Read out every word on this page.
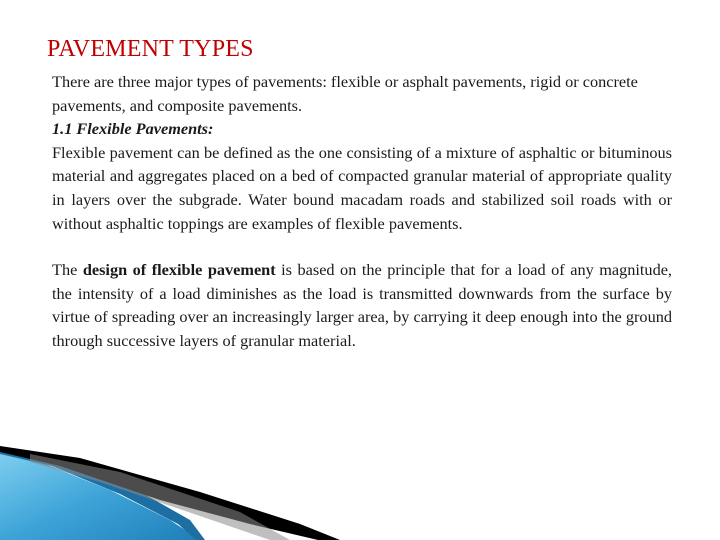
PAVEMENT TYPES

There are three major types of pavements: flexible or asphalt pavements, rigid or concrete pavements, and composite pavements.

1.1 Flexible Pavements:

Flexible pavement can be defined as the one consisting of a mixture of asphaltic or bituminous material and aggregates placed on a bed of compacted granular material of appropriate quality in layers over the subgrade. Water bound macadam roads and stabilized soil roads with or without asphaltic toppings are examples of flexible pavements.

The design of flexible pavement is based on the principle that for a load of any magnitude, the intensity of a load diminishes as the load is transmitted downwards from the surface by virtue of spreading over an increasingly larger area, by carrying it deep enough into the ground through successive layers of granular material.
